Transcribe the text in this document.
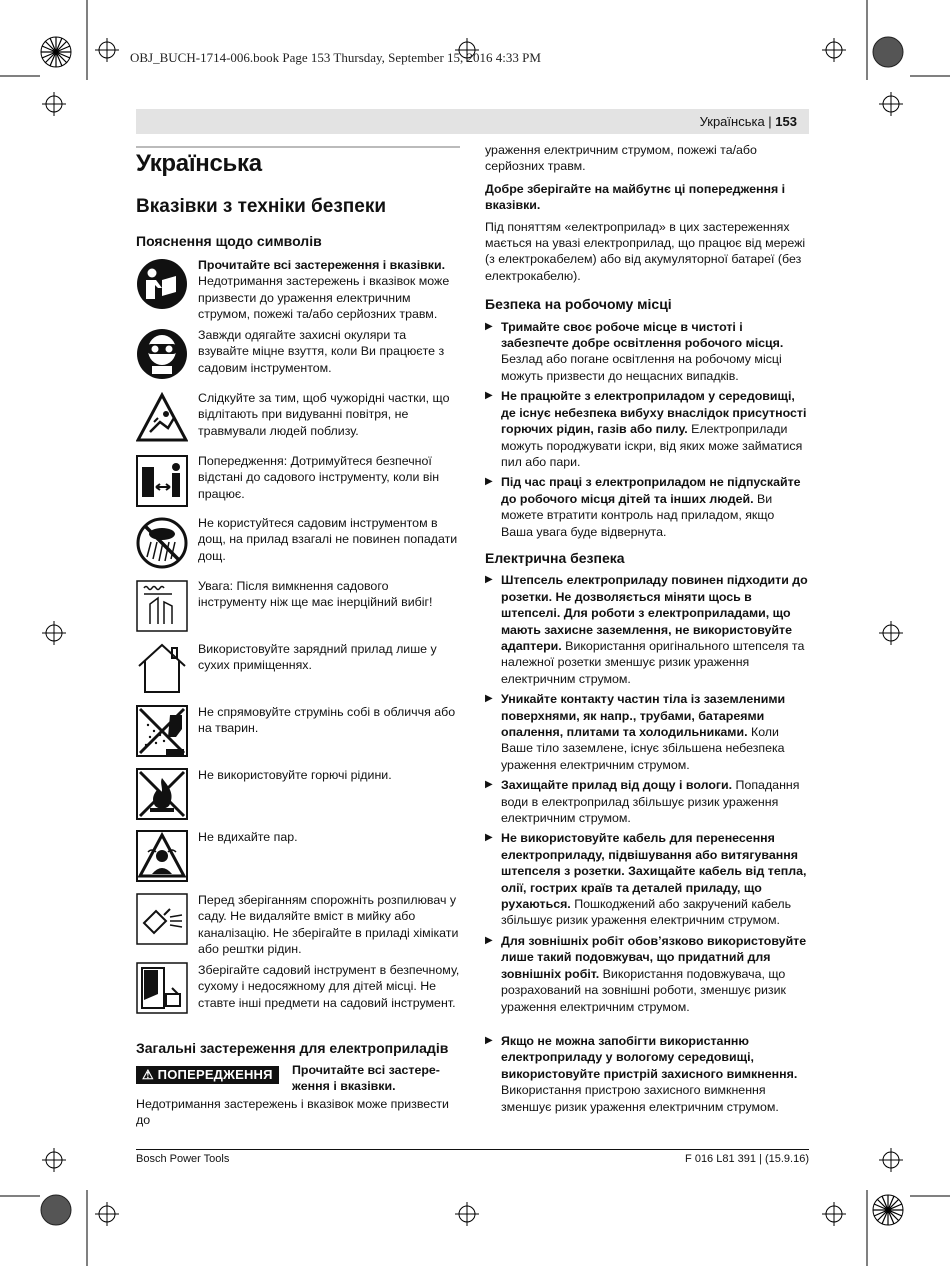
OBJ_BUCH-1714-006.book Page 153 Thursday, September 15, 2016 4:33 PM
Українська | 153
Українська
Вказівки з техніки безпеки
Пояснення щодо символів
Прочитайте всі застереження і вказівки. Недотримання застережень і вказівок може призвести до ураження електричним струмом, пожежі та/або серйозних травм.
Завжди одягайте захисні окуляри та взувайте міцне взуття, коли Ви працюєте з садовим інструментом.
Слідкуйте за тим, щоб чужорідні частки, що відлітають при видуванні повітря, не травмували людей поблизу.
Попередження: Дотримуйтеся безпечної відстані до садового інструменту, коли він працює.
Не користуйтеся садовим інструментом в дощ, на прилад взагалі не повинен попадати дощ.
Увага: Після вимкнення садового інструменту ніж ще має інерційний вибіг!
Використовуйте зарядний прилад лише у сухих приміщеннях.
Не спрямовуйте струмінь собі в обличчя або на тварин.
Не використовуйте горючі рідини.
Не вдихайте пар.
Перед зберіганням спорожніть розпилювач у саду. Не видаляйте вміст в мийку або каналізацію. Не зберігайте в приладі хімікати або рештки рідин.
Зберігайте садовий інструмент в безпечному, сухому і недосяжному для дітей місці. Не ставте інші предмети на садовий інструмент.
Загальні застереження для електроприладів
⚠ ПОПЕРЕДЖЕННЯ	Прочитайте всі застере-жeння і вказівки.
Недотримання застережень і вказівок може призвести до
ураження електричним струмом, пожежі та/або серйозних травм.
Добре зберігайте на майбутнє ці попередження і вказівки.
Під поняттям «електроприлад» в цих застереженнях мається на увазі електроприлад, що працює від мережі (з електрокабелем) або від акумуляторної батареї (без електрокабелю).
Безпека на робочому місці
▶ Тримайте своє робоче місце в чистоті і забезпечте добре освітлення робочого місця. Безлад або погане освітлення на робочому місці можуть призвести до нещасних випадків.
▶ Не працюйте з електроприладом у середовищі, де існує небезпека вибуху внаслідок присутності горючих рідин, газів або пилу. Електроприлади можуть породжувати іскри, від яких може займатися пил або пари.
▶ Під час праці з електроприладом не підпускайте до робочого місця дітей та інших людей. Ви можете втратити контроль над приладом, якщо Ваша увага буде відвернута.
Електрична безпека
▶ Штепсель електроприладу повинен підходити до розетки. Не дозволяється міняти щось в штепселі. Для роботи з електроприладами, що мають захисне заземлення, не використовуйте адаптери. Використання оригінального штепселя та належної розетки зменшує ризик ураження електричним струмом.
▶ Уникайте контакту частин тіла із заземленими поверхнями, як напр., трубами, батареями опалення, плитами та холодильниками. Коли Ваше тіло заземлене, існує збільшена небезпека ураження електричним струмом.
▶ Захищайте прилад від дощу і вологи. Попадання води в електроприлад збільшує ризик ураження електричним струмом.
▶ Не використовуйте кабель для перенесення електроприладу, підвішування або витягування штепселя з розетки. Захищайте кабель від тепла, олії, гострих країв та деталей приладу, що рухаються. Пошкоджений або закручений кабель збільшує ризик ураження електричним струмом.
▶ Для зовнішніх робіт обов’язково використовуйте лише такий подовжувач, що придатний для зовнішніх робіт. Використання подовжувача, що розрахований на зовнішні роботи, зменшує ризик ураження електричним струмом.
▶ Якщо не можна запобігти використанню електроприладу у вологому середовищі, використовуйте пристрій захисного вимкнення. Використання пристрою захисного вимкнення зменшує ризик ураження електричним струмом.
Bosch Power Tools	F 016 L81 391 | (15.9.16)
